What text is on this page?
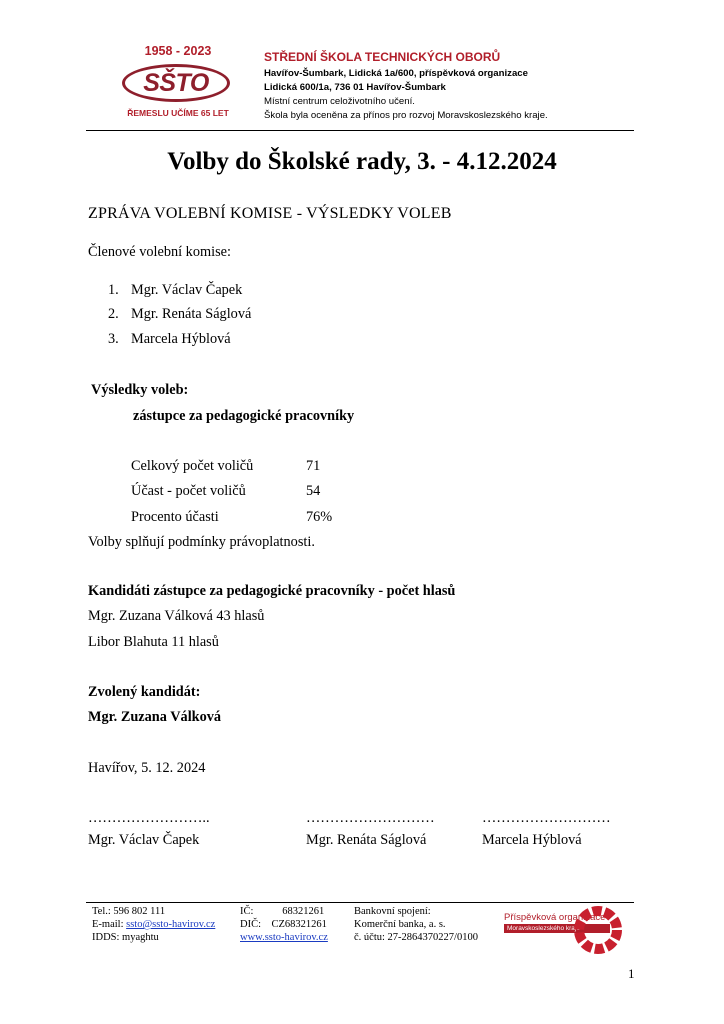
1958 - 2023
SŠTO
ŘEMESLU UČÍME 65 LET
STŘEDNÍ ŠKOLA TECHNICKÝCH OBORŮ
Havířov-Šumbark, Lidická 1a/600, příspěvková organizace
Lidická 600/1a, 736 01 Havířov-Šumbark
Místní centrum celoživotního učení.
Škola byla oceněna za přínos pro rozvoj Moravskoslezského kraje.
Volby do Školské rady, 3. - 4.12.2024
ZPRÁVA VOLEBNÍ KOMISE - VÝSLEDKY VOLEB
Členové volební komise:
1. Mgr. Václav Čapek
2. Mgr. Renáta Ságlová
3. Marcela Hýblová
Výsledky voleb:
zástupce za pedagogické pracovníky
Celkový počet voličů	71
Účast - počet voličů	54
Procento účasti	76%
Volby splňují podmínky právoplatnosti.
Kandidáti zástupce za pedagogické pracovníky - počet hlasů
Mgr. Zuzana Válková 43 hlasů
Libor Blahuta 11 hlasů
Zvolený kandidát:
Mgr. Zuzana Válková
Havířov, 5. 12. 2024
……………………..	………………………	………………………
Mgr. Václav Čapek	Mgr. Renáta Ságlová	Marcela Hýblová
Tel.: 596 802 111
E-mail: ssto@ssto-havirov.cz
IDDS: myaghtu
IČ:           68321261
DIČ:    CZ68321261
www.ssto-havirov.cz
Bankovní spojení:
Komerční banka, a. s.
č. účtu: 27-2864370227/0100
Příspěvková organizace
Moravskoslezského kraje
1
